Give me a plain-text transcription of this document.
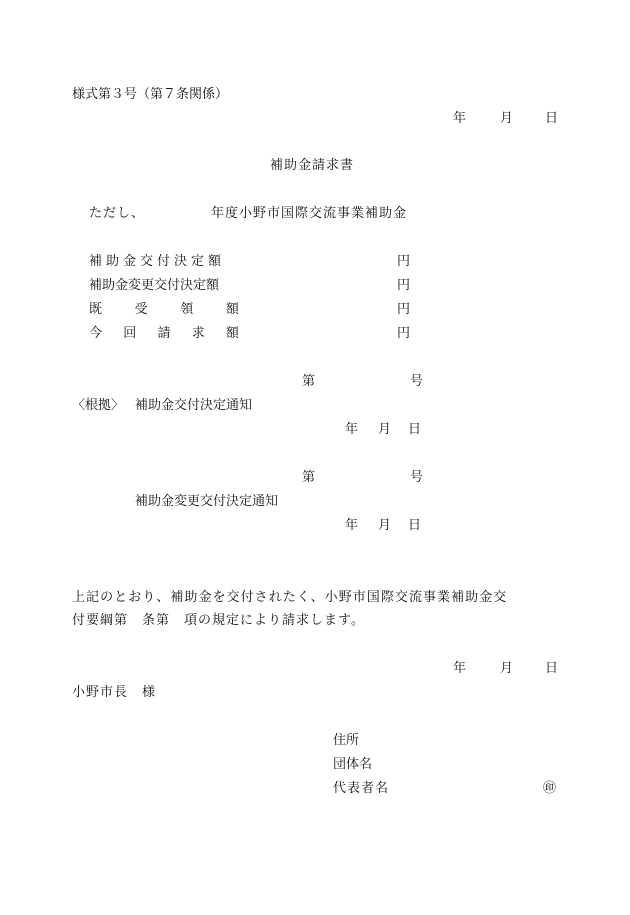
様式第３号（第７条関係）
年	月 日
補助金請求書
ただし、	年度小野市国際交流事業補助金
補助金交付決定額	円
補助金変更交付決定額	円
既	受	領	額	円
今 回 請 求 額	円
第	号
〈根拠〉 補助金交付決定通知
年 月 日
第	号
補助金変更交付決定通知
年 月 日
上記のとおり、補助金を交付されたく、小野市国際交流事業補助金交
付要綱第　条第　項の規定により請求します。
年	月 日
小野市長　様
住所
団体名
代表者名	㊞
